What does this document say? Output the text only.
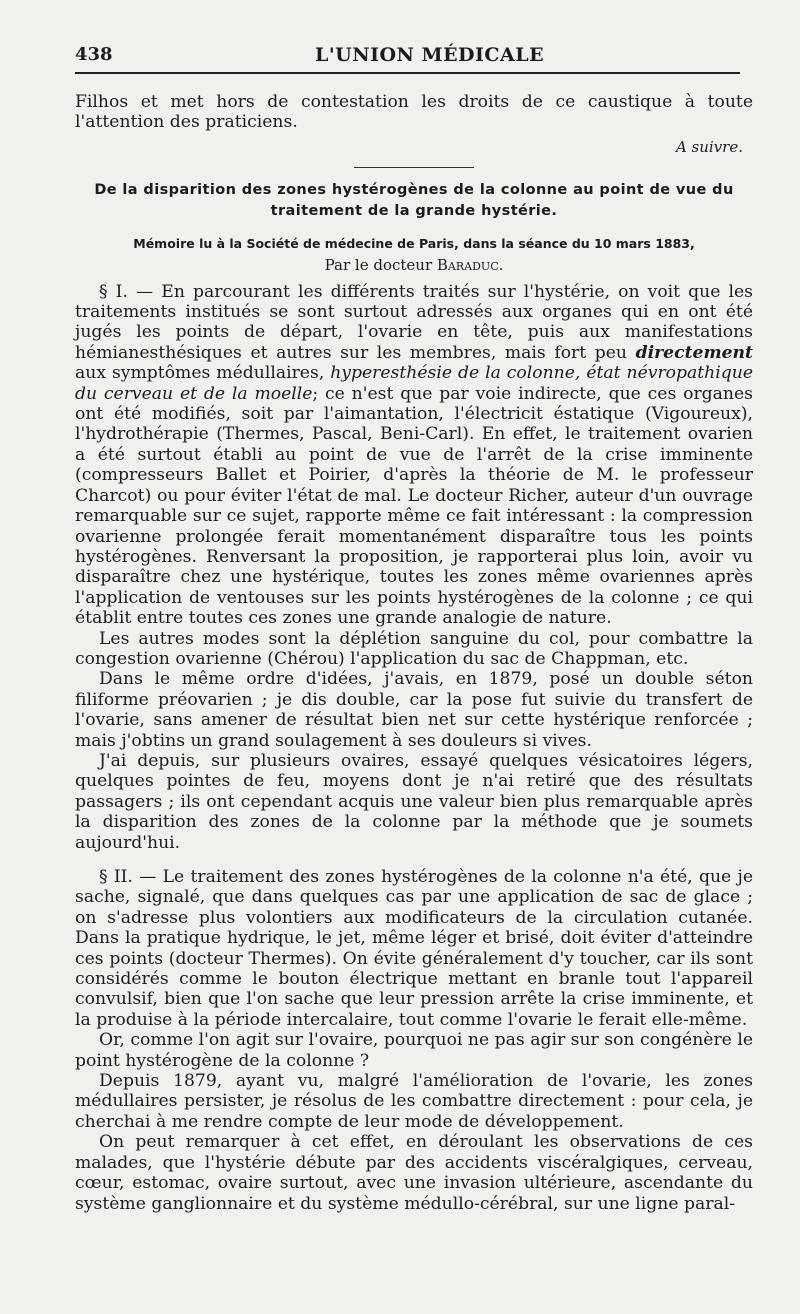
438	L'UNION MÉDICALE

Filhos et met hors de contestation les droits de ce caustique à toute l'attention des praticiens.

A suivre.

De la disparition des zones hystérogènes de la colonne au point de vue du traitement de la grande hystérie.
Mémoire lu à la Société de médecine de Paris, dans la séance du 10 mars 1883,
Par le docteur Baraduc.

§ I. — En parcourant les différents traités sur l'hystérie, on voit que les traitements institués se sont surtout adressés aux organes qui en ont été jugés les points de départ, l'ovarie en tête, puis aux manifestations hémianesthésiques et autres sur les membres, mais fort peu directement aux symptômes médullaires, hyperesthésie de la colonne, état névropathique du cerveau et de la moelle; ce n'est que par voie indirecte, que ces organes ont été modifiés, soit par l'aimantation, l'électricit éstatique (Vigoureux), l'hydrothérapie (Thermes, Pascal, Beni-Carl). En effet, le traitement ovarien a été surtout établi au point de vue de l'arrêt de la crise imminente (compresseurs Ballet et Poirier, d'après la théorie de M. le professeur Charcot) ou pour éviter l'état de mal. Le docteur Richer, auteur d'un ouvrage remarquable sur ce sujet, rapporte même ce fait intéressant : la compression ovarienne prolongée ferait momentanément disparaître tous les points hystérogènes. Renversant la proposition, je rapporterai plus loin, avoir vu disparaître chez une hystérique, toutes les zones même ovariennes après l'application de ventouses sur les points hystérogènes de la colonne ; ce qui établit entre toutes ces zones une grande analogie de nature.

Les autres modes sont la déplétion sanguine du col, pour combattre la congestion ovarienne (Chérou) l'application du sac de Chappman, etc.

Dans le même ordre d'idées, j'avais, en 1879, posé un double séton filiforme préovarien ; je dis double, car la pose fut suivie du transfert de l'ovarie, sans amener de résultat bien net sur cette hystérique renforcée ; mais j'obtins un grand soulagement à ses douleurs si vives.

J'ai depuis, sur plusieurs ovaires, essayé quelques vésicatoires légers, quelques pointes de feu, moyens dont je n'ai retiré que des résultats passagers ; ils ont cependant acquis une valeur bien plus remarquable après la disparition des zones de la colonne par la méthode que je soumets aujourd'hui.

§ II. — Le traitement des zones hystérogènes de la colonne n'a été, que je sache, signalé, que dans quelques cas par une application de sac de glace ; on s'adresse plus volontiers aux modificateurs de la circulation cutanée. Dans la pratique hydrique, le jet, même léger et brisé, doit éviter d'atteindre ces points (docteur Thermes). On évite généralement d'y toucher, car ils sont considérés comme le bouton électrique mettant en branle tout l'appareil convulsif, bien que l'on sache que leur pression arrête la crise imminente, et la produise à la période intercalaire, tout comme l'ovarie le ferait elle-même.

Or, comme l'on agit sur l'ovaire, pourquoi ne pas agir sur son congénère le point hystérogène de la colonne ?

Depuis 1879, ayant vu, malgré l'amélioration de l'ovarie, les zones médullaires persister, je résolus de les combattre directement : pour cela, je cherchai à me rendre compte de leur mode de développement.

On peut remarquer à cet effet, en déroulant les observations de ces malades, que l'hystérie débute par des accidents viscéralgiques, cerveau, cœur, estomac, ovaire surtout, avec une invasion ultérieure, ascendante du système ganglionnaire et du système médullo-cérébral, sur une ligne paral-
